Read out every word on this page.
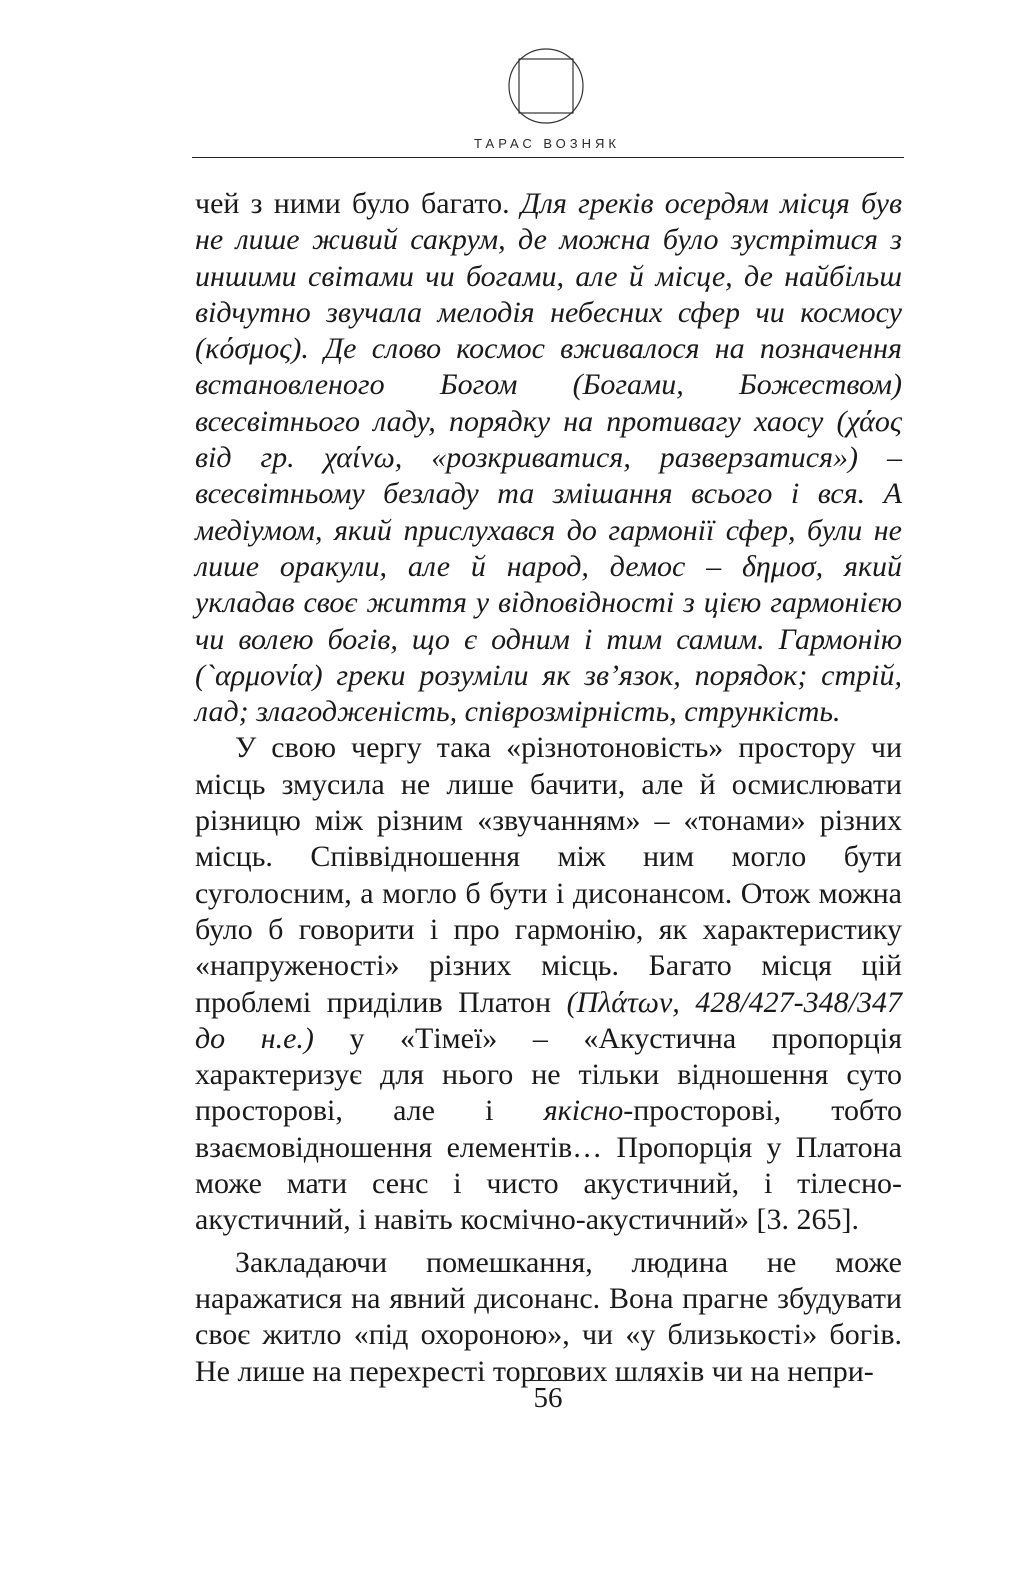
ТАРАС ВОЗНЯК

чей з ними було багато. Для греків осердям місця був не лише живий сакрум, де можна було зустрітися з иншими світами чи богами, але й місце, де найбільш відчутно звучала мелодія небесних сфер чи космосу (κόσμος). Де слово космос вживалося на позначення встановленого Богом (Богами, Божеством) всесвітнього ладу, порядку на противагу хаосу (χάος від гр. χαίνω, «розкриватися, разверзатися») – всесвітньому безладу та змішання всього і вся. А медіумом, який прислухався до гармонії сфер, були не лише оракули, але й народ, демос – δημοσ, який укладав своє життя у відповідності з цією гармонією чи волею богів, що є одним і тим самим. Гармонію (`αρμονία) греки розуміли як зв’язок, порядок; стрій, лад; злагодженість, співрозмірність, стрункість.

У свою чергу така «різнотоновість» простору чи місць змусила не лише бачити, але й осмислювати різницю між різним «звучанням» – «тонами» різних місць. Співвідношення між ним могло бути суголосним, а могло б бути і дисонансом. Отож можна було б говорити і про гармонію, як характеристику «напруженості» різних місць. Багато місця цій проблемі приділив Платон (Πλάτων, 428/427-348/347 до н.е.) у «Тімеї» – «Акустична пропорція характеризує для нього не тільки відношення суто просторові, але і якісно-просторові, тобто взаємовідношення елементів… Пропорція у Платона може мати сенс і чисто акустичний, і тілесно-акустичний, і навіть космічно-акустичний» [3. 265].

Закладаючи помешкання, людина не може наражатися на явний дисонанс. Вона прагне збудувати своє житло «під охороною», чи «у близькості» богів. Не лише на перехресті торгових шляхів чи на непри-

56
